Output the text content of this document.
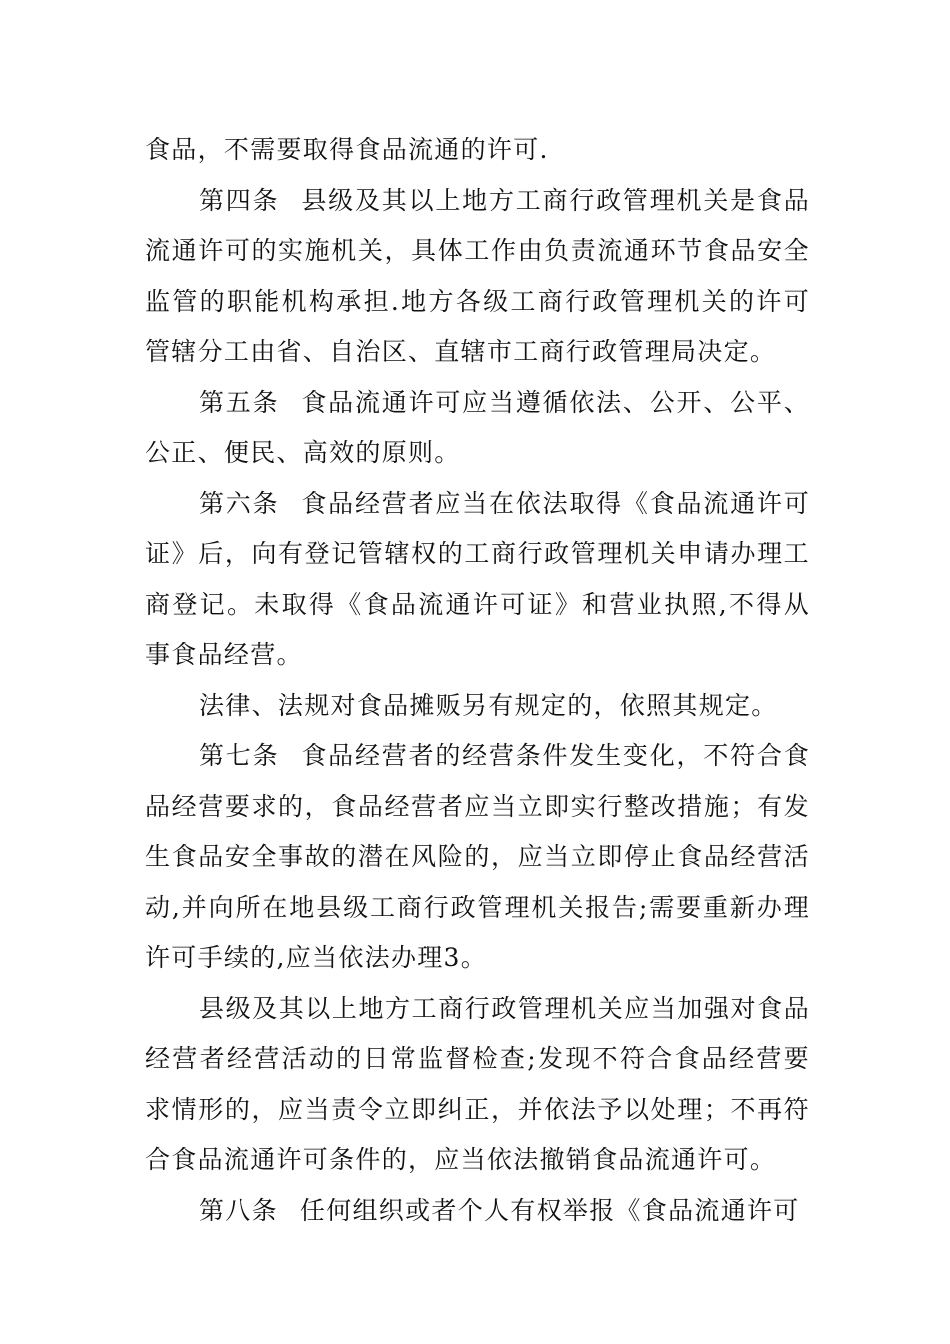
食品，不需要取得食品流通的许可.

第四条 县级及其以上地方工商行政管理机关是食品流通许可的实施机关，具体工作由负责流通环节食品安全监管的职能机构承担.地方各级工商行政管理机关的许可管辖分工由省、自治区、直辖市工商行政管理局决定。

第五条 食品流通许可应当遵循依法、公开、公平、公正、便民、高效的原则。

第六条 食品经营者应当在依法取得《食品流通许可证》后，向有登记管辖权的工商行政管理机关申请办理工商登记。未取得《食品流通许可证》和营业执照,不得从事食品经营。

法律、法规对食品摊贩另有规定的，依照其规定。

第七条 食品经营者的经营条件发生变化，不符合食品经营要求的，食品经营者应当立即实行整改措施；有发生食品安全事故的潜在风险的，应当立即停止食品经营活动,并向所在地县级工商行政管理机关报告;需要重新办理许可手续的,应当依法办理3。

县级及其以上地方工商行政管理机关应当加强对食品经营者经营活动的日常监督检查;发现不符合食品经营要求情形的，应当责令立即纠正，并依法予以处理；不再符合食品流通许可条件的，应当依法撤销食品流通许可。

第八条 任何组织或者个人有权举报《食品流通许可
